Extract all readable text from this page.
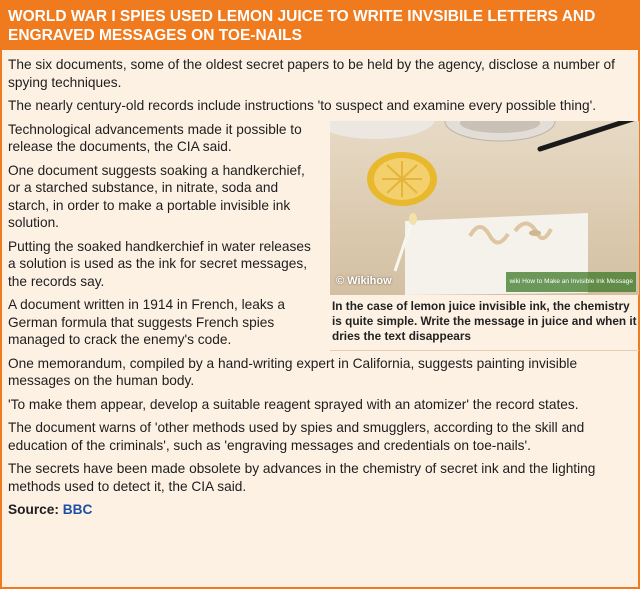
WORLD WAR I SPIES USED LEMON JUICE TO WRITE INVSIBILE LETTERS AND ENGRAVED MESSAGES ON TOE-NAILS

The six documents, some of the oldest secret papers to be held by the agency, disclose a number of spying techniques.

The nearly century-old records include instructions 'to suspect and examine every possible thing'.

Technological advancements made it possible to release the documents, the CIA said.

One document suggests soaking a handkerchief, or a starched substance, in nitrate, soda and starch, in order to make a portable invisible ink solution.

Putting the soaked handkerchief in water releases a solution is used as the ink for secret messages, the records say.

A document written in 1914 in French, leaks a German formula that suggests French spies managed to crack the enemy's code.

© Wikihow	wiki How to Make an Invisible Ink Message
In the case of lemon juice invisible ink, the chemistry is quite simple. Write the message in juice and when it dries the text disappears

One memorandum, compiled by a hand-writing expert in California, suggests painting invisible messages on the human body.

'To make them appear, develop a suitable reagent sprayed with an atomizer' the record states.

The document warns of 'other methods used by spies and smugglers, according to the skill and education of the criminals', such as 'engraving messages and credentials on toe-nails'.

The secrets have been made obsolete by advances in the chemistry of secret ink and the lighting methods used to detect it, the CIA said.

Source: BBC
